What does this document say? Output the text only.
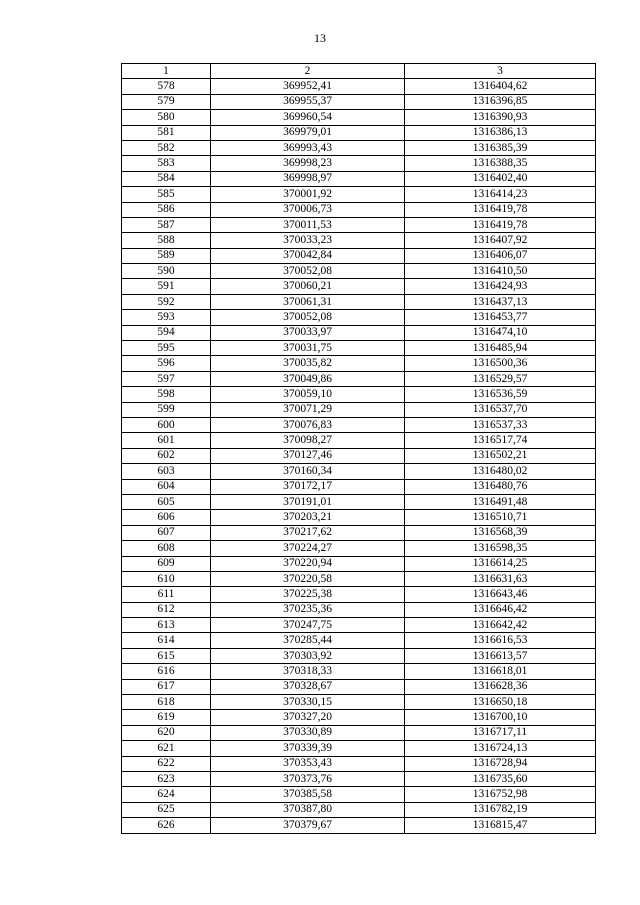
13
1	2	3
578	369952,41	1316404,62
579	369955,37	1316396,85
580	369960,54	1316390,93
581	369979,01	1316386,13
582	369993,43	1316385,39
583	369998,23	1316388,35
584	369998,97	1316402,40
585	370001,92	1316414,23
586	370006,73	1316419,78
587	370011,53	1316419,78
588	370033,23	1316407,92
589	370042,84	1316406,07
590	370052,08	1316410,50
591	370060,21	1316424,93
592	370061,31	1316437,13
593	370052,08	1316453,77
594	370033,97	1316474,10
595	370031,75	1316485,94
596	370035,82	1316500,36
597	370049,86	1316529,57
598	370059,10	1316536,59
599	370071,29	1316537,70
600	370076,83	1316537,33
601	370098,27	1316517,74
602	370127,46	1316502,21
603	370160,34	1316480,02
604	370172,17	1316480,76
605	370191,01	1316491,48
606	370203,21	1316510,71
607	370217,62	1316568,39
608	370224,27	1316598,35
609	370220,94	1316614,25
610	370220,58	1316631,63
611	370225,38	1316643,46
612	370235,36	1316646,42
613	370247,75	1316642,42
614	370285,44	1316616,53
615	370303,92	1316613,57
616	370318,33	1316618,01
617	370328,67	1316628,36
618	370330,15	1316650,18
619	370327,20	1316700,10
620	370330,89	1316717,11
621	370339,39	1316724,13
622	370353,43	1316728,94
623	370373,76	1316735,60
624	370385,58	1316752,98
625	370387,80	1316782,19
626	370379,67	1316815,47
